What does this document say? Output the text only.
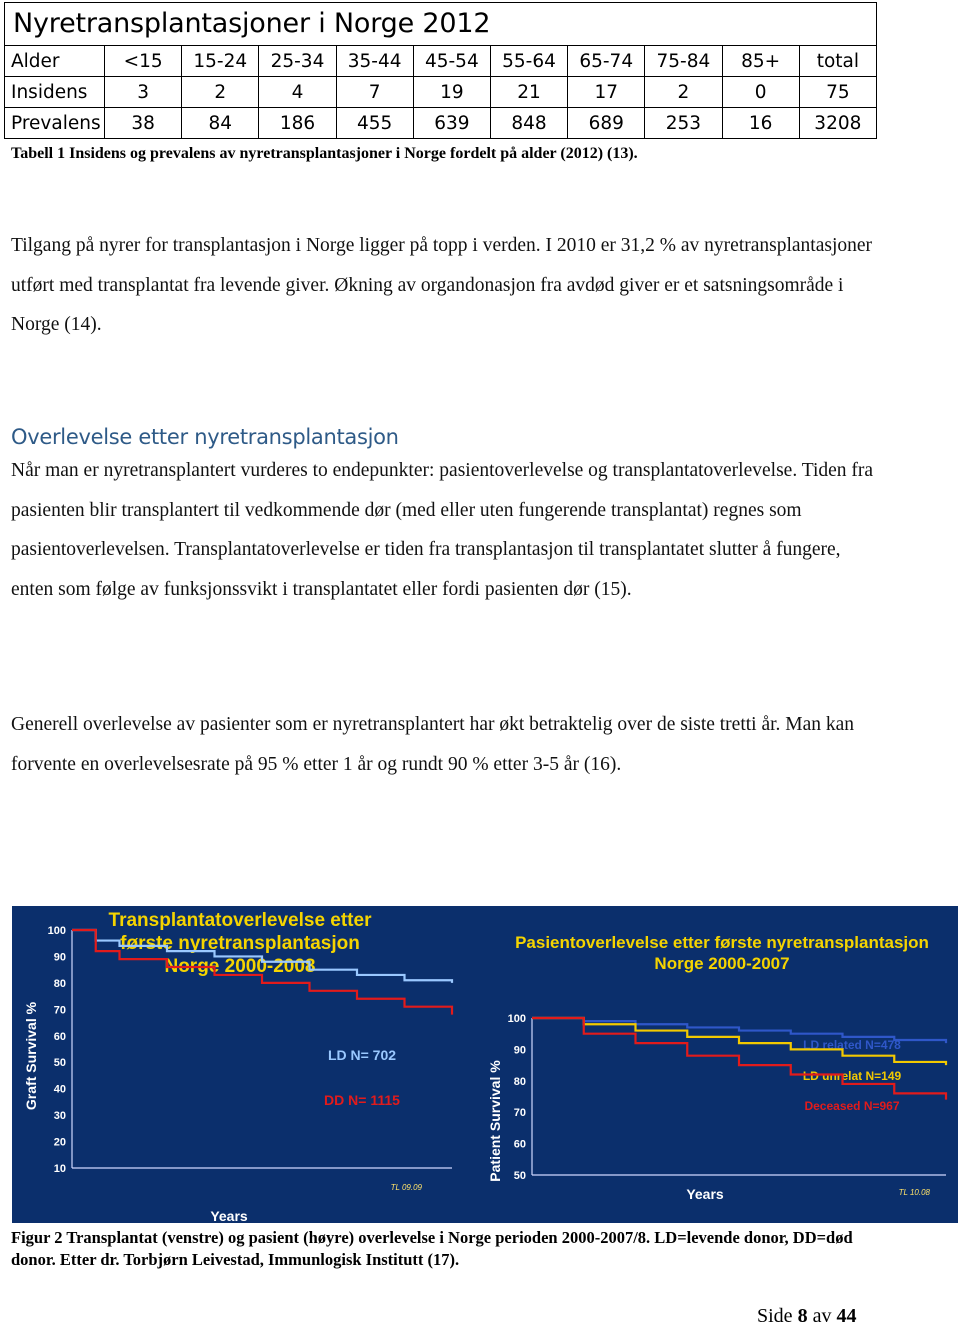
Nyretransplantasjoner i Norge 2012
Alder	<15	15-24	25-34	35-44	45-54	55-64	65-74	75-84	85+	total
Insidens	3	2	4	7	19	21	17	2	0	75
Prevalens	38	84	186	455	639	848	689	253	16	3208
Tabell 1 Insidens og prevalens av nyretransplantasjoner i Norge fordelt på alder (2012) (13).
Tilgang på nyrer for transplantasjon i Norge ligger på topp i verden. I 2010 er 31,2 % av nyretransplantasjoner utført med transplantat fra levende giver. Økning av organdonasjon fra avdød giver er et satsningsområde i Norge (14).
Overlevelse etter nyretransplantasjon
Når man er nyretransplantert vurderes to endepunkter: pasientoverlevelse og transplantatoverlevelse. Tiden fra pasienten blir transplantert til vedkommende dør (med eller uten fungerende transplantat) regnes som pasientoverlevelsen. Transplantatoverlevelse er tiden fra transplantasjon til transplantatet slutter å fungere, enten som følge av funksjonssvikt i transplantatet eller fordi pasienten dør (15).
Generell overlevelse av pasienter som er nyretransplantert har økt betraktelig over de siste tretti år. Man kan forvente en overlevelsesrate på 95 % etter 1 år og rundt 90 % etter 3-5 år (16).
Transplantatoverlevelse etter
første nyretransplantasjon
Norge 2000-2008
100
90
80
70
60
50
40
30
20
10
Graft Survival %
Years
LD N= 702
DD N= 1115
TL 09.09
Pasientoverlevelse etter første nyretransplantasjon
Norge 2000-2007
100
90
80
70
60
50
Patient Survival %
Years
LD related N=478
LD unrelat N=149
Deceased N=967
TL 10.08
Figur 2 Transplantat (venstre) og pasient (høyre) overlevelse i Norge perioden 2000-2007/8. LD=levende donor, DD=død donor. Etter dr. Torbjørn Leivestad, Immunlogisk Institutt (17).
Side 8 av 44
